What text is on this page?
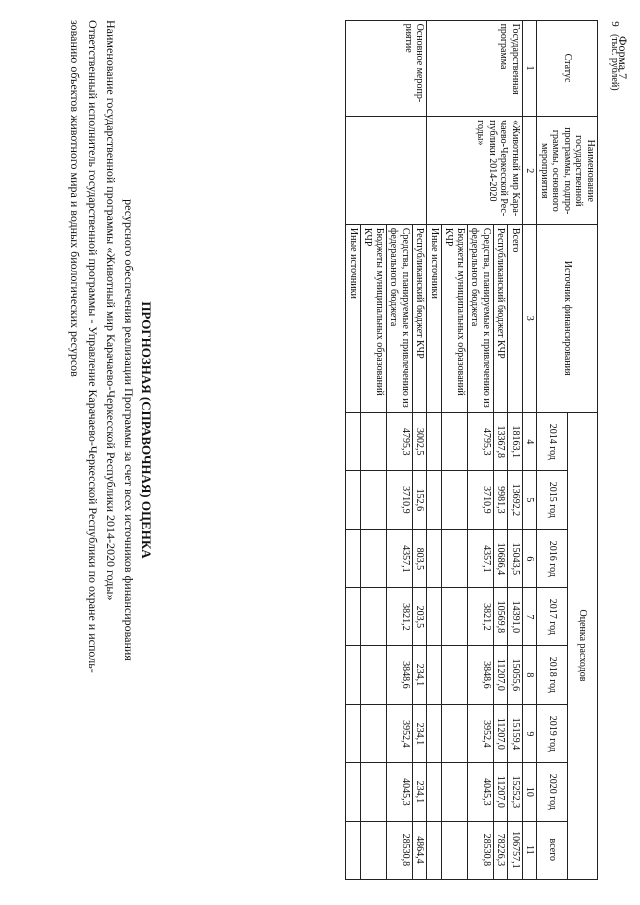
9
Форма 7
(тыс. рублей)
Оценка расходов								Источник финансирования	Наименование государственной программы, подпро-граммы, основного мероприятия	Статус
всего	2020 год	2019 год	2018 год	2017 год	2016 год	2015 год	2014 год			
11	10	9	8	7	6	5	4	3	2	1
106757,1	15252,3	15159,4	15055,6	14391,0	15043,5	13692,2	18163,1	Всего	«Животный мир Кара-чаево-Черкесской Рес-публики 2014-2020 годы»	Государственная программа
78226,3	11207,0	11207,0	11207,0	10569,8	10686,4	9981,3	13367,8	Республиканский бюджет КЧР		
28530,8	4045,3	3952,4	3848,6	3821,2	4357,1	3710,9	4795,3	Средства, планируемые к привлечению из федерального бюджета		
								Бюджеты муниципальных образований КЧР		
								Иные источники		
4864,4	234,1	234,1	234,1	203,5	803,5	152,6	3002,5	Республиканский бюджет КЧР		Основное меропр-риятие
28530,8	4045,3	3952,4	3848,6	3821,2	4357,1	3710,9	4795,3	Средства, планируемые к привлечению из федерального бюджета		
								Бюджеты муниципальных образований КЧР		
								Иные источники		
ПРОГНОЗНАЯ (СПРАВОЧНАЯ) ОЦЕНКА
ресурсного обеспечения реализации Программы за счет всех источников финансирования
Наименование государственной программы «Животный мир Карачаево-Черкесской Республики 2014-2020 годы»
Ответственный исполнитель государственной программы - Управление Карачаево-Черкесской Республики по охране и исполь-
зованию объектов животного мира и водных биологических ресурсов
